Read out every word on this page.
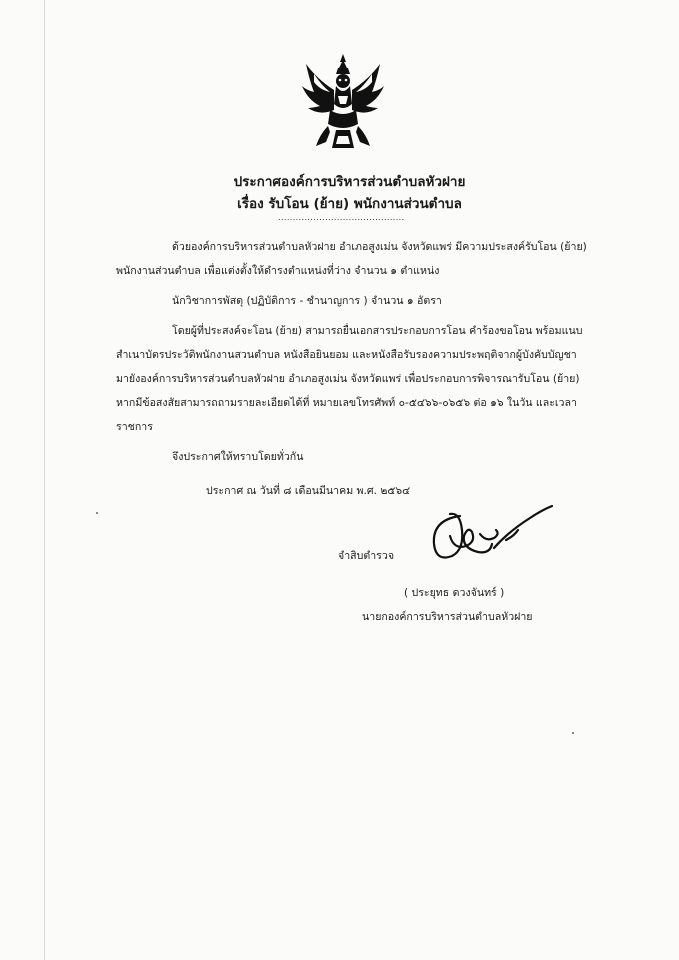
ประกาศองค์การบริหารส่วนตำบลหัวฝาย
เรื่อง รับโอน (ย้าย) พนักงานส่วนตำบล
...........................................
ด้วยองค์การบริหารส่วนตำบลหัวฝาย อำเภอสูงเม่น จังหวัดแพร่ มีความประสงค์รับโอน (ย้าย)
พนักงานส่วนตำบล เพื่อแต่งตั้งให้ดำรงตำแหน่งที่ว่าง จำนวน ๑ ตำแหน่ง
นักวิชาการพัสดุ (ปฏิบัติการ - ชำนาญการ ) จำนวน ๑ อัตรา
โดยผู้ที่ประสงค์จะโอน (ย้าย) สามารถยื่นเอกสารประกอบการโอน คำร้องขอโอน พร้อมแนบ
สำเนาบัตรประวัติพนักงานสวนตำบล หนังสือยินยอม และหนังสือรับรองความประพฤติจากผู้บังคับบัญชา
มายังองค์การบริหารส่วนตำบลหัวฝาย อำเภอสูงเม่น จังหวัดแพร่ เพื่อประกอบการพิจารณารับโอน (ย้าย)
หากมีข้อสงสัยสามารถถามรายละเอียดได้ที่ หมายเลขโทรศัพท์ ๐-๕๔๖๖-๐๖๕๖ ต่อ ๑๖ ในวัน และเวลา
ราชการ
จึงประกาศให้ทราบโดยทั่วกัน
ประกาศ ณ วันที่ ๘ เดือนมีนาคม พ.ศ. ๒๕๖๔
จำสิบตำรวจ
( ประยุทธ ดวงจันทร์ )
นายกองค์การบริหารส่วนตำบลหัวฝาย
